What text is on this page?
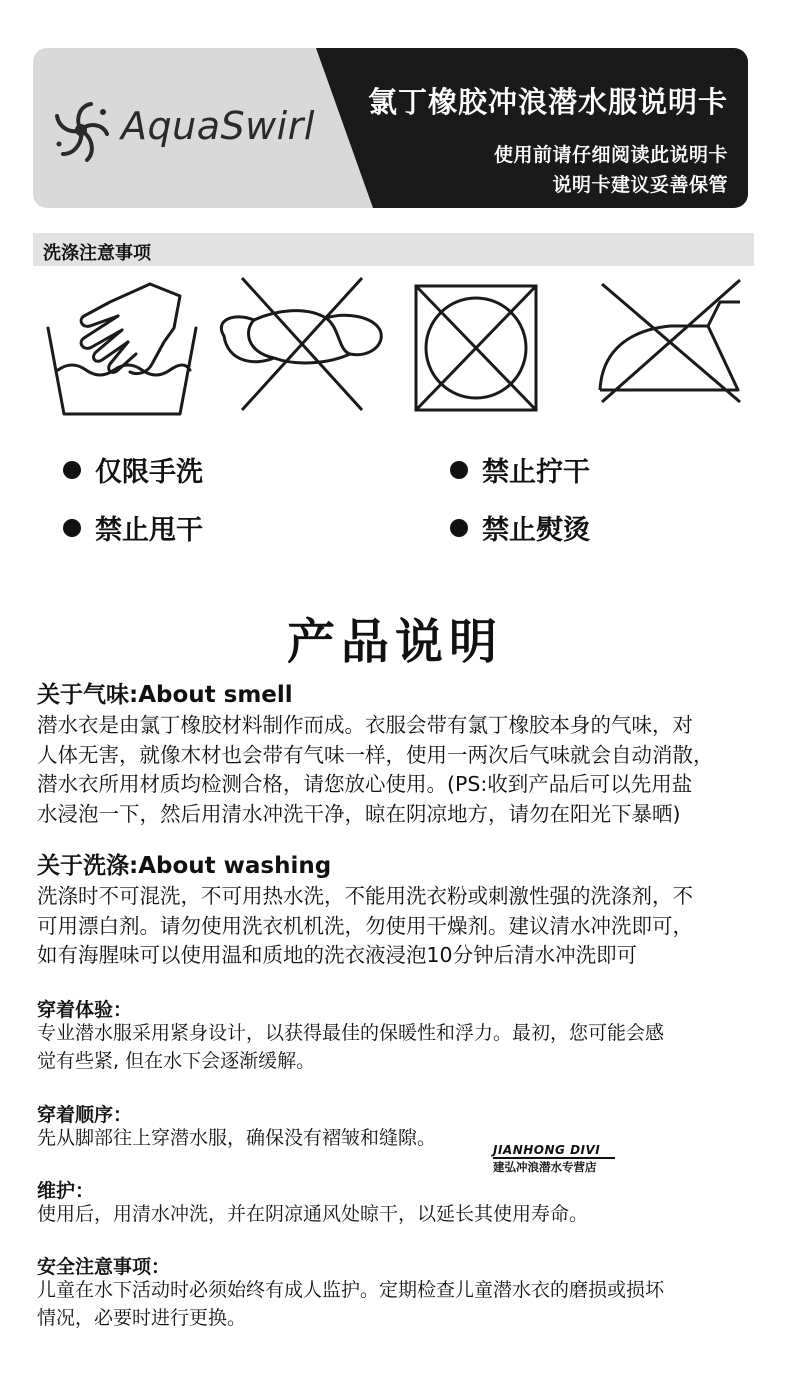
AquaSwirl
氯丁橡胶冲浪潜水服说明卡
使用前请仔细阅读此说明卡
说明卡建议妥善保管
洗涤注意事项
仅限手洗	禁止拧干
禁止甩干	禁止熨烫
产品说明
关于气味:About smell
潜水衣是由氯丁橡胶材料制作而成。衣服会带有氯丁橡胶本身的气味，对
人体无害，就像木材也会带有气味一样，使用一两次后气味就会自动消散，
潜水衣所用材质均检测合格，请您放心使用。(PS:收到产品后可以先用盐
水浸泡一下，然后用清水冲洗干净，晾在阴凉地方，请勿在阳光下暴晒)
关于洗涤:About washing
洗涤时不可混洗，不可用热水洗，不能用洗衣粉或刺激性强的洗涤剂，不
可用漂白剂。请勿使用洗衣机机洗，勿使用干燥剂。建议清水冲洗即可，
如有海腥味可以使用温和质地的洗衣液浸泡10分钟后清水冲洗即可
穿着体验：
专业潜水服采用紧身设计，以获得最佳的保暖性和浮力。最初，您可能会感
觉有些紧, 但在水下会逐渐缓解。
穿着顺序：
先从脚部往上穿潜水服，确保没有褶皱和缝隙。
JIANHONG DIVI
建弘冲浪潜水专营店
维护：
使用后，用清水冲洗，并在阴凉通风处晾干，以延长其使用寿命。
安全注意事项：
儿童在水下活动时必须始终有成人监护。定期检查儿童潜水衣的磨损或损坏
情况，必要时进行更换。
